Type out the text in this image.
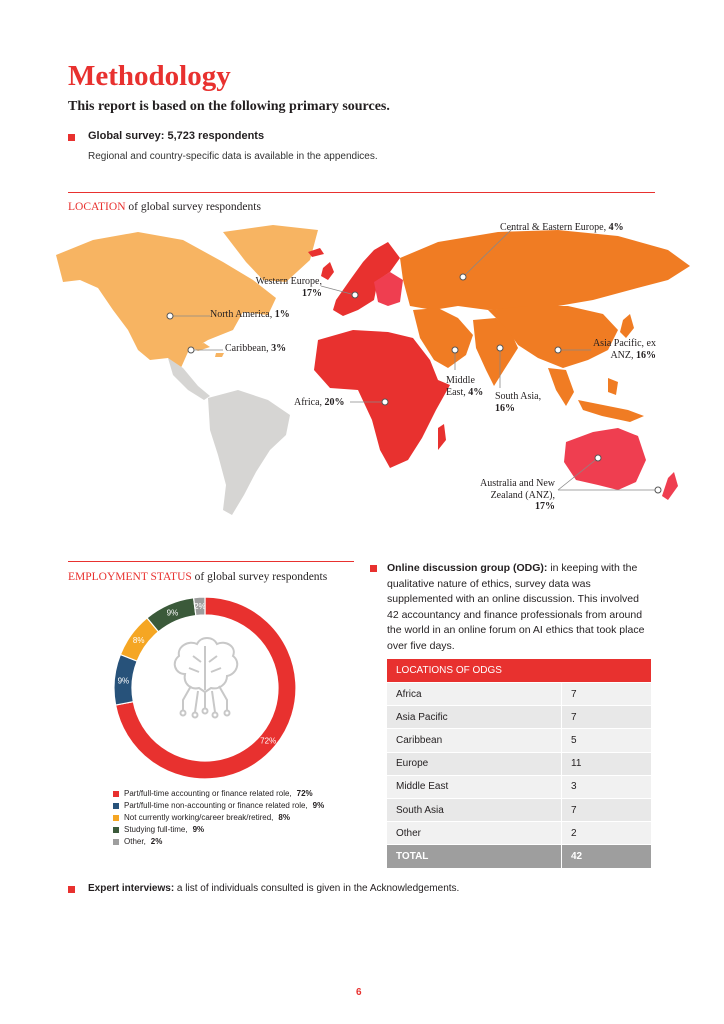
Methodology
This report is based on the following primary sources.
Global survey: 5,723 respondents
Regional and country-specific data is available in the appendices.
LOCATION of global survey respondents
Central & Eastern Europe, 4%
Western Europe, 17%
North America, 1%
Caribbean, 3%	Asia Pacific, ex ANZ, 16%
Middle East, 4%	South Asia, 16%
Africa, 20%
Australia and New Zealand (ANZ), 17%
EMPLOYMENT STATUS of global survey respondents
72%
9%
8%
9%
2%
Part/full-time accounting or finance related role, 72%
Part/full-time non-accounting or finance related role, 9%
Not currently working/career break/retired, 8%
Studying full-time, 9%
Other, 2%
Online discussion group (ODG): in keeping with the qualitative nature of ethics, survey data was supplemented with an online discussion. This involved 42 accountancy and finance professionals from around the world in an online forum on AI ethics that took place over five days.
LOCATIONS OF ODGS	
Africa	7
Asia Pacific	7
Caribbean	5
Europe	11
Middle East	3
South Asia	7
Other	2
TOTAL	42
Expert interviews: a list of individuals consulted is given in the Acknowledgements.
6
